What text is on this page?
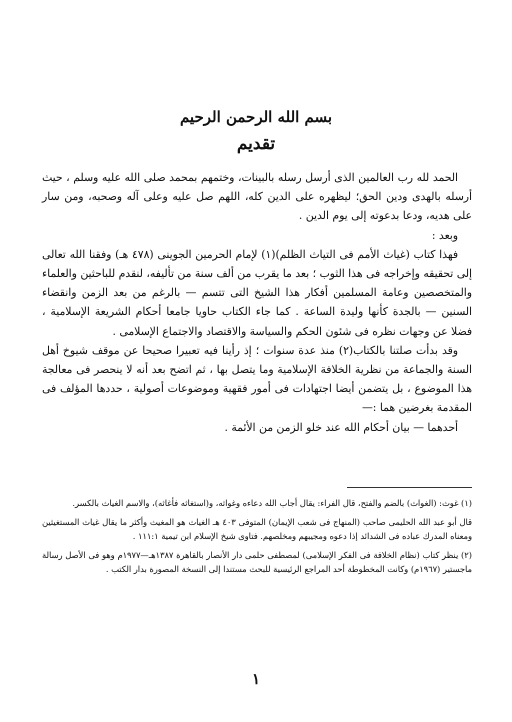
بسم الله الرحمن الرحيم
تقديم

الحمد لله رب العالمين الذى أرسل رسله بالبينات، وختمهم بمحمد صلى الله عليه وسلم ، حيث أرسله بالهدى ودين الحق؛ ليظهره على الدين كله، اللهم صل عليه وعلى آله وصحبه، ومن سار على هديه، ودعا بدعوته إلى يوم الدين .

وبعد :

فهذا كتاب (غياث الأمم فى التياث الظلم)(١) لإمام الحرمين الجوينى (٤٧٨ هـ) وفقنا الله تعالى إلى تحقيقه وإخراجه فى هذا الثوب ؛ بعد ما يقرب من ألف سنة من تأليفه، لنقدم للباحثين والعلماء والمتخصصين وعامة المسلمين أفكار هذا الشيخ التى تتسم — بالرغم من بعد الزمن وانقضاء السنين — بالجدة كأنها وليدة الساعة . كما جاء الكتاب حاويا جامعا أحكام الشريعة الإسلامية ، فضلا عن وجهات نظره فى شئون الحكم والسياسة والاقتصاد والاجتماع الإسلامى .

وقد بدأت صلتنا بالكتاب(٢) منذ عدة سنوات ؛ إذ رأينا فيه تعبيرا صحيحا عن موقف شيوخ أهل السنة والجماعة من نظرية الخلافة الإسلامية وما يتصل بها ، ثم اتضح بعد أنه لا ينحصر فى معالجة هذا الموضوع ، بل يتضمن أيضا اجتهادات فى أمور فقهية وموضوعات أصولية ، حددها المؤلف فى المقدمة بغرضين هما :—

أحدهما — بيان أحكام الله عند خلو الزمن من الأئمة .

(١) غوث: (الغواث) بالضم والفتح، قال الفراء: يقال أجاب الله دعاءه وغواثه، و(استغاثه فأغاثه)، والاسم الغياث بالكسر.

قال أبو عبد الله الحليمى صاحب (المنهاج فى شعب الإيمان) المتوفى ٤٠٣ هـ الغياث هو المغيث وأكثر ما يقال غياث المستغيثين ومعناه المدرك عباده فى الشدائد إذا دعوه ومجيبهم ومخلصهم. فتاوى شيخ الإسلام ابن تيمية ١١١:١ .

(٢) ينظر كتاب (نظام الخلافة فى الفكر الإسلامى) لمصطفى حلمى دار الأنصار بالقاهرة ١٣٨٧هـ—١٩٧٧م وهو فى الأصل رسالة ماجستير (١٩٦٧م) وكانت المخطوطة أحد المراجع الرئيسية للبحث مستندا إلى النسخة المصورة بدار الكتب .

١
